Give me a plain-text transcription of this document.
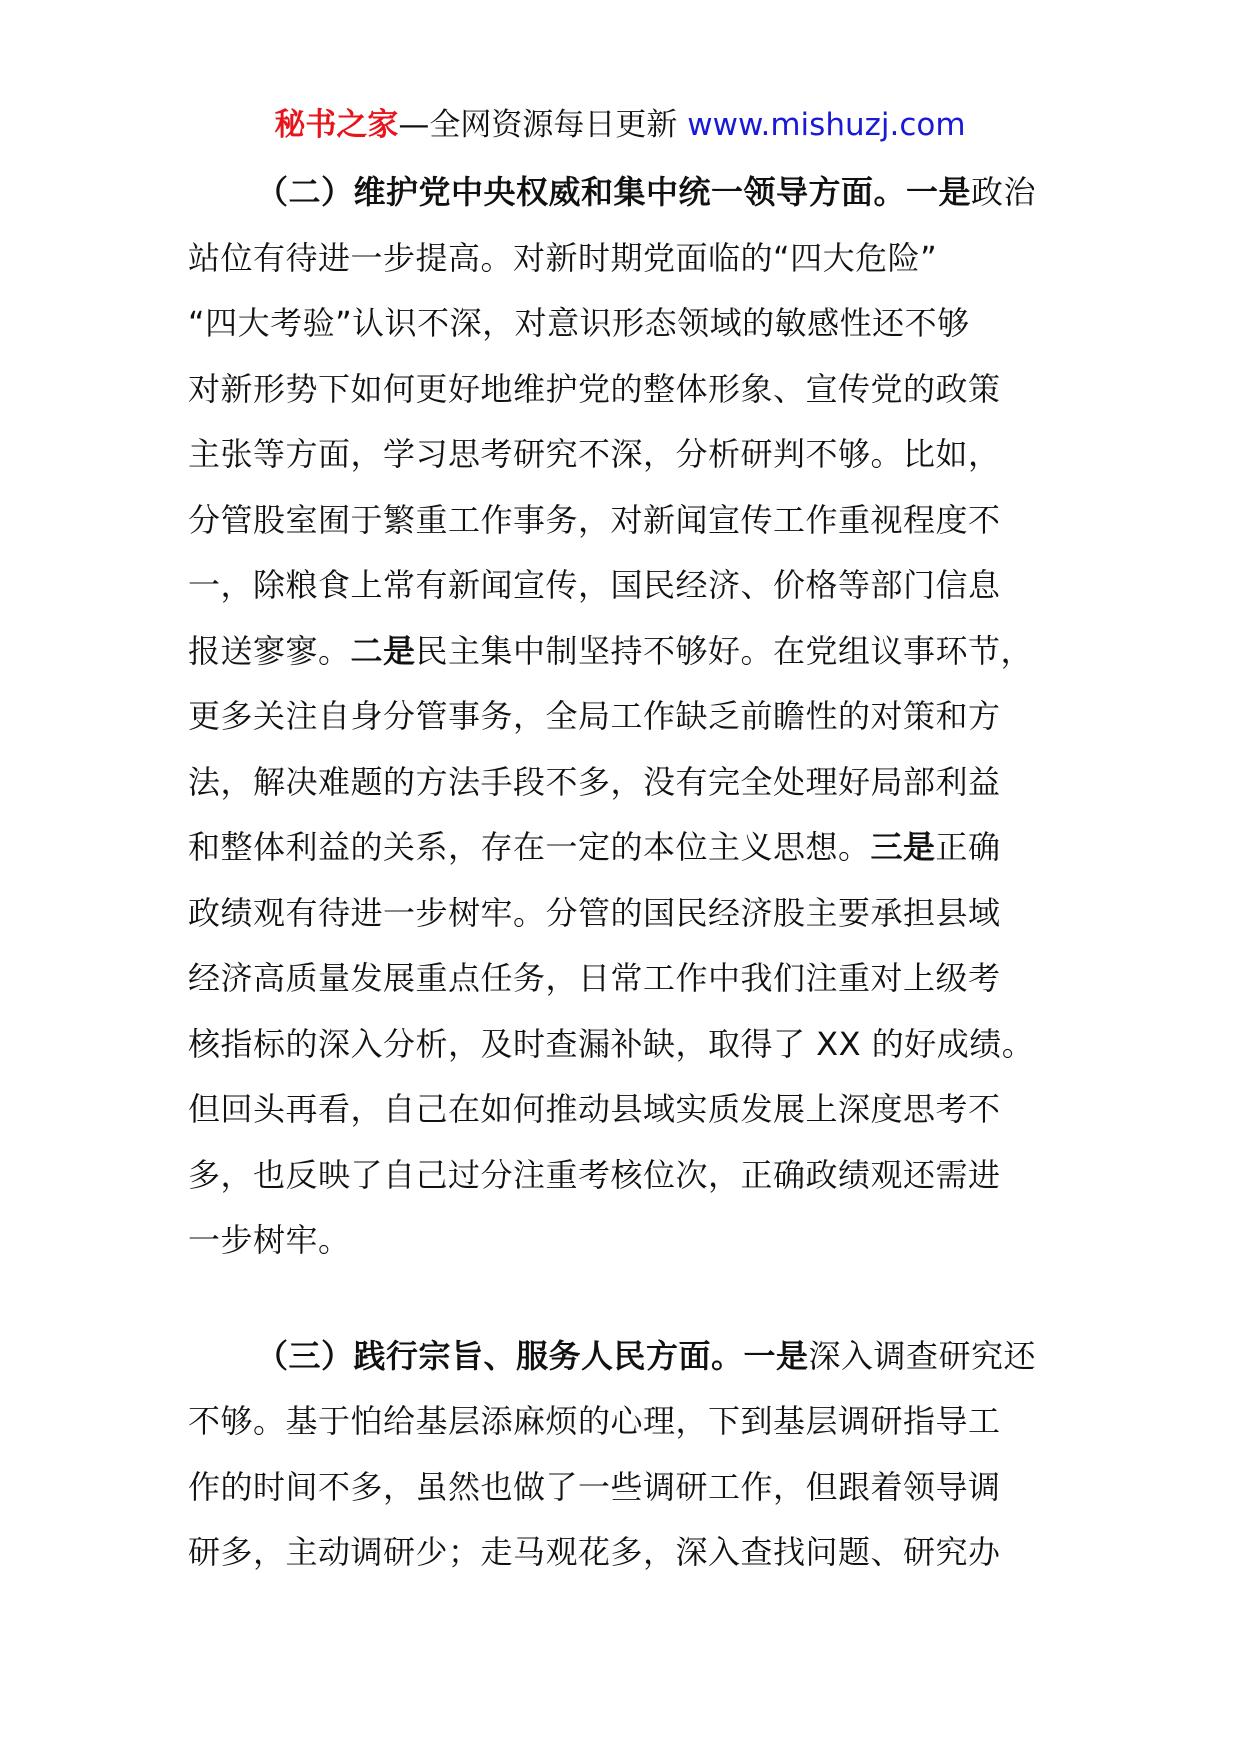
秘书之家—全网资源每日更新 www.mishuzj.com
（二）维护党中央权威和集中统一领导方面。一是政治
站位有待进一步提高。对新时期党面临的“四大危险”
“四大考验”认识不深，对意识形态领域的敏感性还不够
对新形势下如何更好地维护党的整体形象、宣传党的政策
主张等方面，学习思考研究不深，分析研判不够。比如，
分管股室囿于繁重工作事务，对新闻宣传工作重视程度不
一，除粮食上常有新闻宣传，国民经济、价格等部门信息
报送寥寥。二是民主集中制坚持不够好。在党组议事环节，
更多关注自身分管事务，全局工作缺乏前瞻性的对策和方
法，解决难题的方法手段不多，没有完全处理好局部利益
和整体利益的关系，存在一定的本位主义思想。三是正确
政绩观有待进一步树牢。分管的国民经济股主要承担县域
经济高质量发展重点任务，日常工作中我们注重对上级考
核指标的深入分析，及时查漏补缺，取得了 XX 的好成绩。
但回头再看，自己在如何推动县域实质发展上深度思考不
多，也反映了自己过分注重考核位次，正确政绩观还需进
一步树牢。
（三）践行宗旨、服务人民方面。一是深入调查研究还
不够。基于怕给基层添麻烦的心理，下到基层调研指导工
作的时间不多，虽然也做了一些调研工作，但跟着领导调
研多，主动调研少；走马观花多，深入查找问题、研究办
